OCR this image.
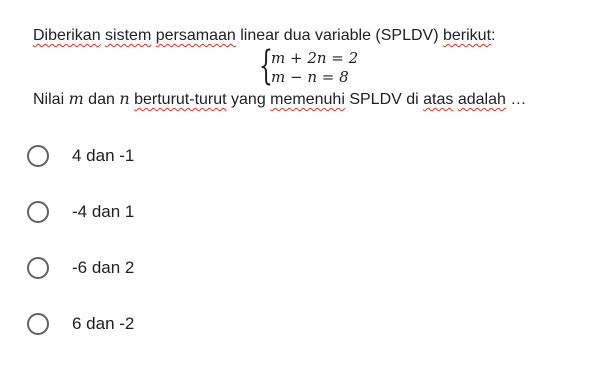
Diberikan sistem persamaan linear dua variable (SPLDV) berikut:
{
m + 2n = 2
m − n = 8
Nilai m dan n berturut-turut yang memenuhi SPLDV di atas adalah …
4 dan -1
-4 dan 1
-6 dan 2
6 dan -2
